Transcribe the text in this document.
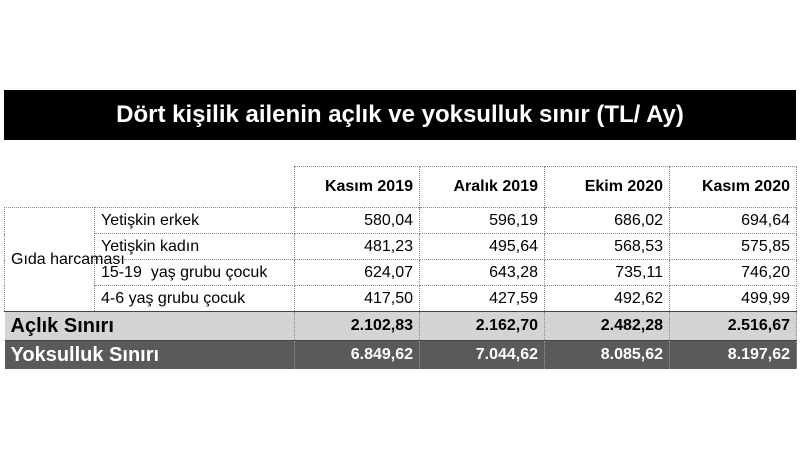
Dört kişilik ailenin açlık ve yoksulluk sınır (TL/ Ay)
		Kasım 2019	Aralık 2019	Ekim 2020	Kasım 2020
Gıda harcaması	Yetişkin erkek	580,04	596,19	686,02	694,64
	Yetişkin kadın	481,23	495,64	568,53	575,85
	15-19  yaş grubu çocuk	624,07	643,28	735,11	746,20
	4-6 yaş grubu çocuk	417,50	427,59	492,62	499,99
Açlık Sınırı		2.102,83	2.162,70	2.482,28	2.516,67
Yoksulluk Sınırı		6.849,62	7.044,62	8.085,62	8.197,62
